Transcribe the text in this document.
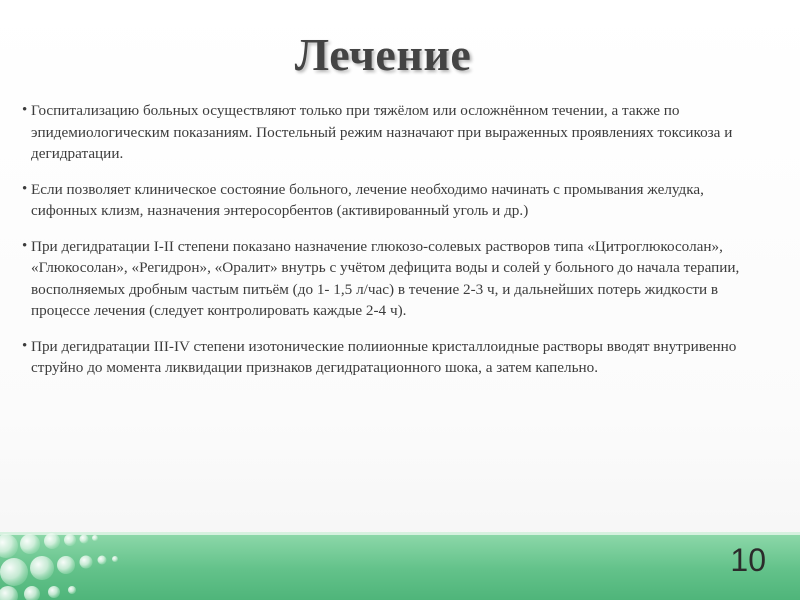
Лечение
• Госпитализацию больных осуществляют только при тяжёлом или осложнённом течении, а также по эпидемиологическим показаниям. Постельный режим назначают при выраженных проявлениях токсикоза и дегидратации.
• Если позволяет клиническое состояние больного, лечение необходимо начинать с промывания желудка, сифонных клизм, назначения энтеросорбентов (активированный уголь и др.)
• При дегидратации I-II степени показано назначение глюкозо-солевых растворов типа «Цитроглюкосолан», «Глюкосолан», «Регидрон», «Оралит» внутрь с учётом дефицита воды и солей у больного до начала терапии, восполняемых дробным частым питьём (до 1- 1,5 л/час) в течение 2-3 ч, и дальнейших потерь жидкости в процессе лечения (следует контролировать каждые 2-4 ч).
• При дегидратации III-IV степени изотонические полиионные кристаллоидные растворы вводят внутривенно струйно до момента ликвидации признаков дегидратационного шока, а затем капельно.
10
